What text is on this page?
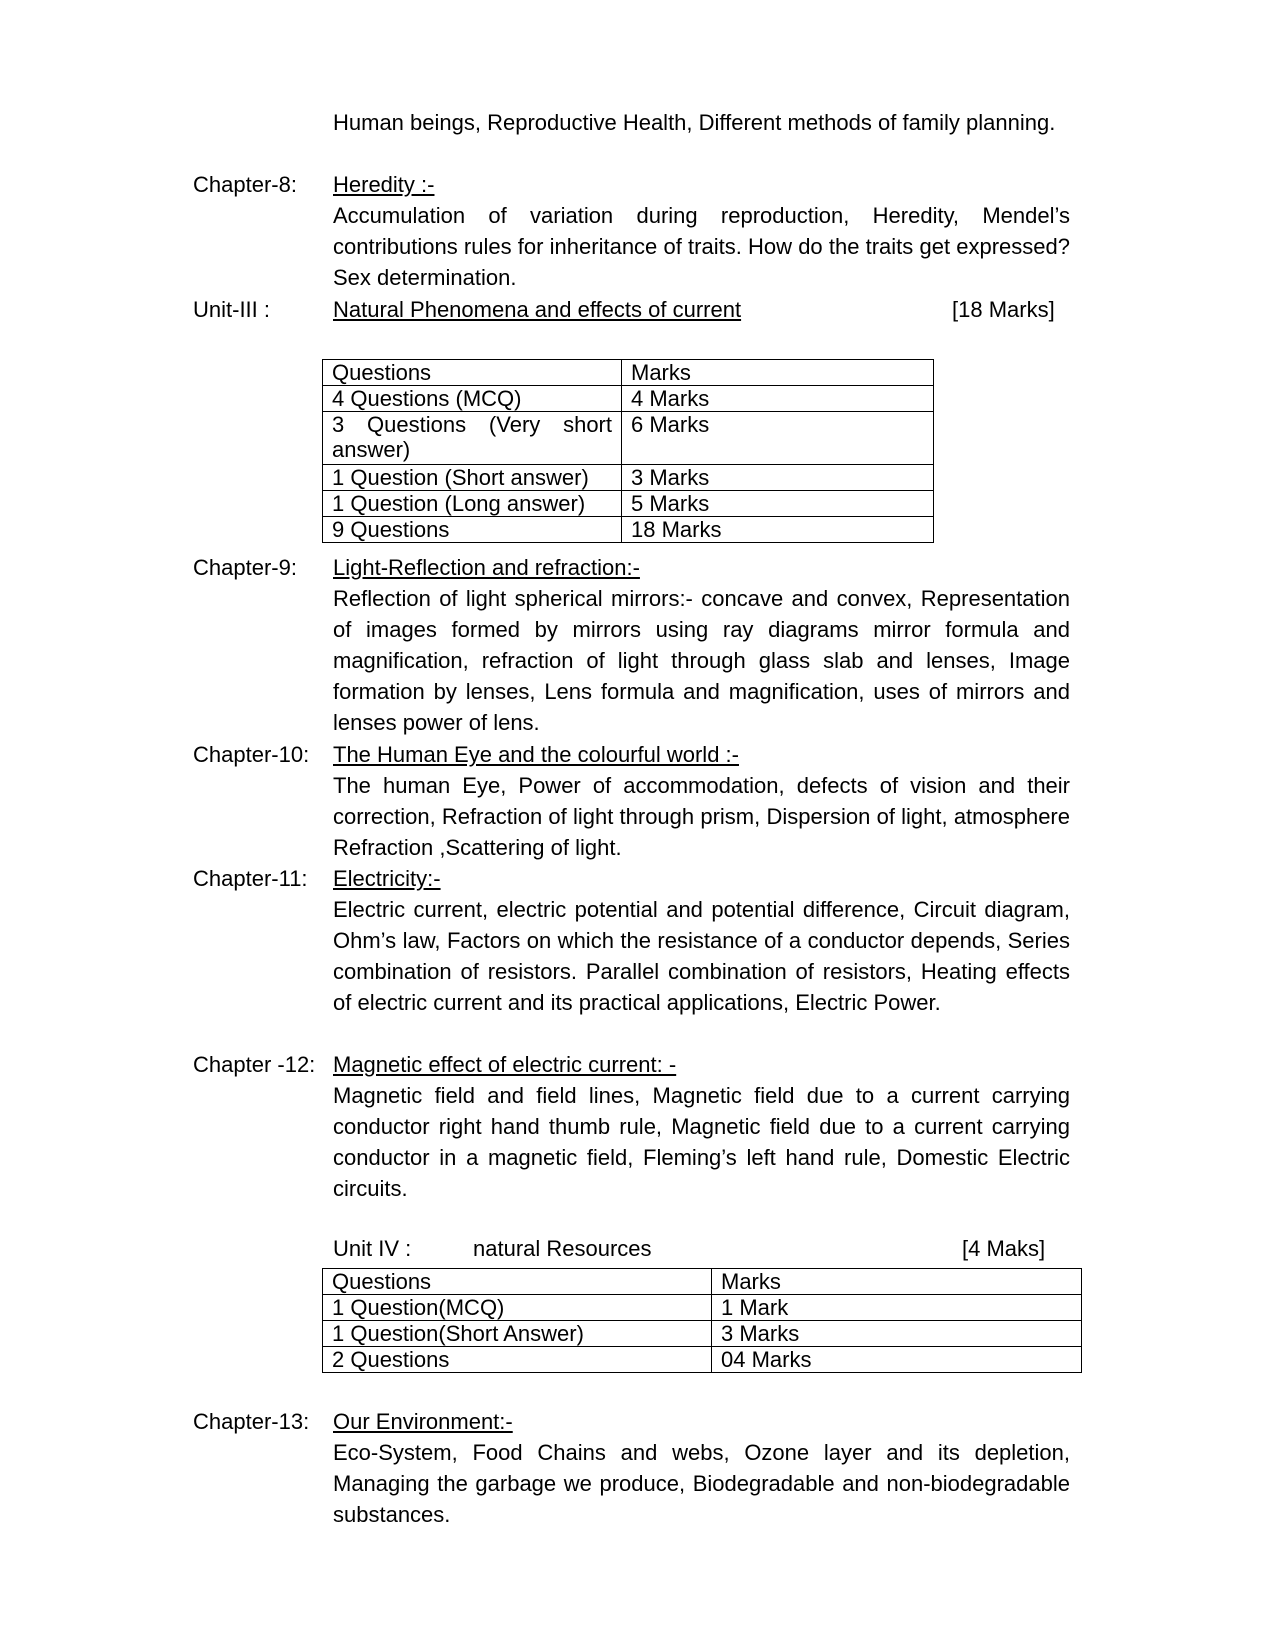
Human beings, Reproductive Health, Different methods of family planning.
Chapter-8: Heredity :-
Accumulation of variation during reproduction, Heredity, Mendel’s contributions rules for inheritance of traits. How do the traits get expressed? Sex determination.
Unit-III :	Natural Phenomena and effects of current	[18 Marks]
Questions	Marks
4 Questions (MCQ)	4 Marks
3 Questions (Very short answer)	6 Marks
1 Question (Short answer)	3 Marks
1 Question (Long answer)	5 Marks
9 Questions	18 Marks
Chapter-9: Light-Reflection and refraction:-
Reflection of light spherical mirrors:- concave and convex, Representation of images formed by mirrors using ray diagrams mirror formula and magnification, refraction of light through glass slab and lenses, Image formation by lenses, Lens formula and magnification, uses of mirrors and lenses power of lens.
Chapter-10: The Human Eye and the colourful world :-
The human Eye, Power of accommodation, defects of vision and their correction, Refraction of light through prism, Dispersion of light, atmosphere Refraction ,Scattering of light.
Chapter-11: Electricity:-
Electric current, electric potential and potential difference, Circuit diagram, Ohm’s law, Factors on which the resistance of a conductor depends, Series combination of resistors. Parallel combination of resistors, Heating effects of electric current and its practical applications, Electric Power.
Chapter -12: Magnetic effect of electric current: -
Magnetic field and field lines, Magnetic field due to a current carrying conductor right hand thumb rule, Magnetic field due to a current carrying conductor in a magnetic field, Fleming’s left hand rule, Domestic Electric circuits.
Unit IV :	natural Resources	[4 Maks]
Questions	Marks
1 Question(MCQ)	1 Mark
1 Question(Short Answer)	3 Marks
2 Questions	04 Marks
Chapter-13: Our Environment:-
Eco-System, Food Chains and webs, Ozone layer and its depletion, Managing the garbage we produce, Biodegradable and non-biodegradable substances.
